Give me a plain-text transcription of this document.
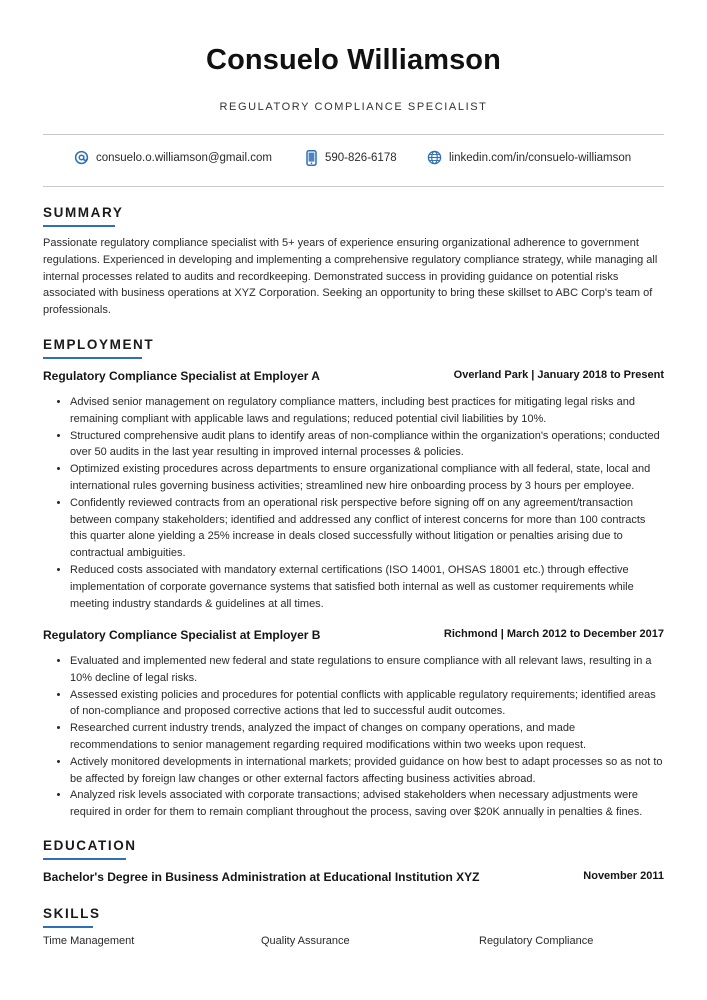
Consuelo Williamson
REGULATORY COMPLIANCE SPECIALIST
consuelo.o.williamson@gmail.com	590-826-6178	linkedin.com/in/consuelo-williamson
SUMMARY
Passionate regulatory compliance specialist with 5+ years of experience ensuring organizational adherence to government regulations. Experienced in developing and implementing a comprehensive regulatory compliance strategy, while managing all internal processes related to audits and recordkeeping. Demonstrated success in providing guidance on potential risks associated with business operations at XYZ Corporation. Seeking an opportunity to bring these skillset to ABC Corp's team of professionals.
EMPLOYMENT
Regulatory Compliance Specialist at Employer A	Overland Park | January 2018 to Present
• Advised senior management on regulatory compliance matters, including best practices for mitigating legal risks and remaining compliant with applicable laws and regulations; reduced potential civil liabilities by 10%.
• Structured comprehensive audit plans to identify areas of non-compliance within the organization's operations; conducted over 50 audits in the last year resulting in improved internal processes & policies.
• Optimized existing procedures across departments to ensure organizational compliance with all federal, state, local and international rules governing business activities; streamlined new hire onboarding process by 3 hours per employee.
• Confidently reviewed contracts from an operational risk perspective before signing off on any agreement/transaction between company stakeholders; identified and addressed any conflict of interest concerns for more than 100 contracts this quarter alone yielding a 25% increase in deals closed successfully without litigation or penalties arising due to contractual ambiguities.
• Reduced costs associated with mandatory external certifications (ISO 14001, OHSAS 18001 etc.) through effective implementation of corporate governance systems that satisfied both internal as well as customer requirements while meeting industry standards & guidelines at all times.
Regulatory Compliance Specialist at Employer B	Richmond | March 2012 to December 2017
• Evaluated and implemented new federal and state regulations to ensure compliance with all relevant laws, resulting in a 10% decline of legal risks.
• Assessed existing policies and procedures for potential conflicts with applicable regulatory requirements; identified areas of non-compliance and proposed corrective actions that led to successful audit outcomes.
• Researched current industry trends, analyzed the impact of changes on company operations, and made recommendations to senior management regarding required modifications within two weeks upon request.
• Actively monitored developments in international markets; provided guidance on how best to adapt processes so as not to be affected by foreign law changes or other external factors affecting business activities abroad.
• Analyzed risk levels associated with corporate transactions; advised stakeholders when necessary adjustments were required in order for them to remain compliant throughout the process, saving over $20K annually in penalties & fines.
EDUCATION
Bachelor's Degree in Business Administration at Educational Institution XYZ	November 2011
SKILLS
Time Management	Quality Assurance	Regulatory Compliance
